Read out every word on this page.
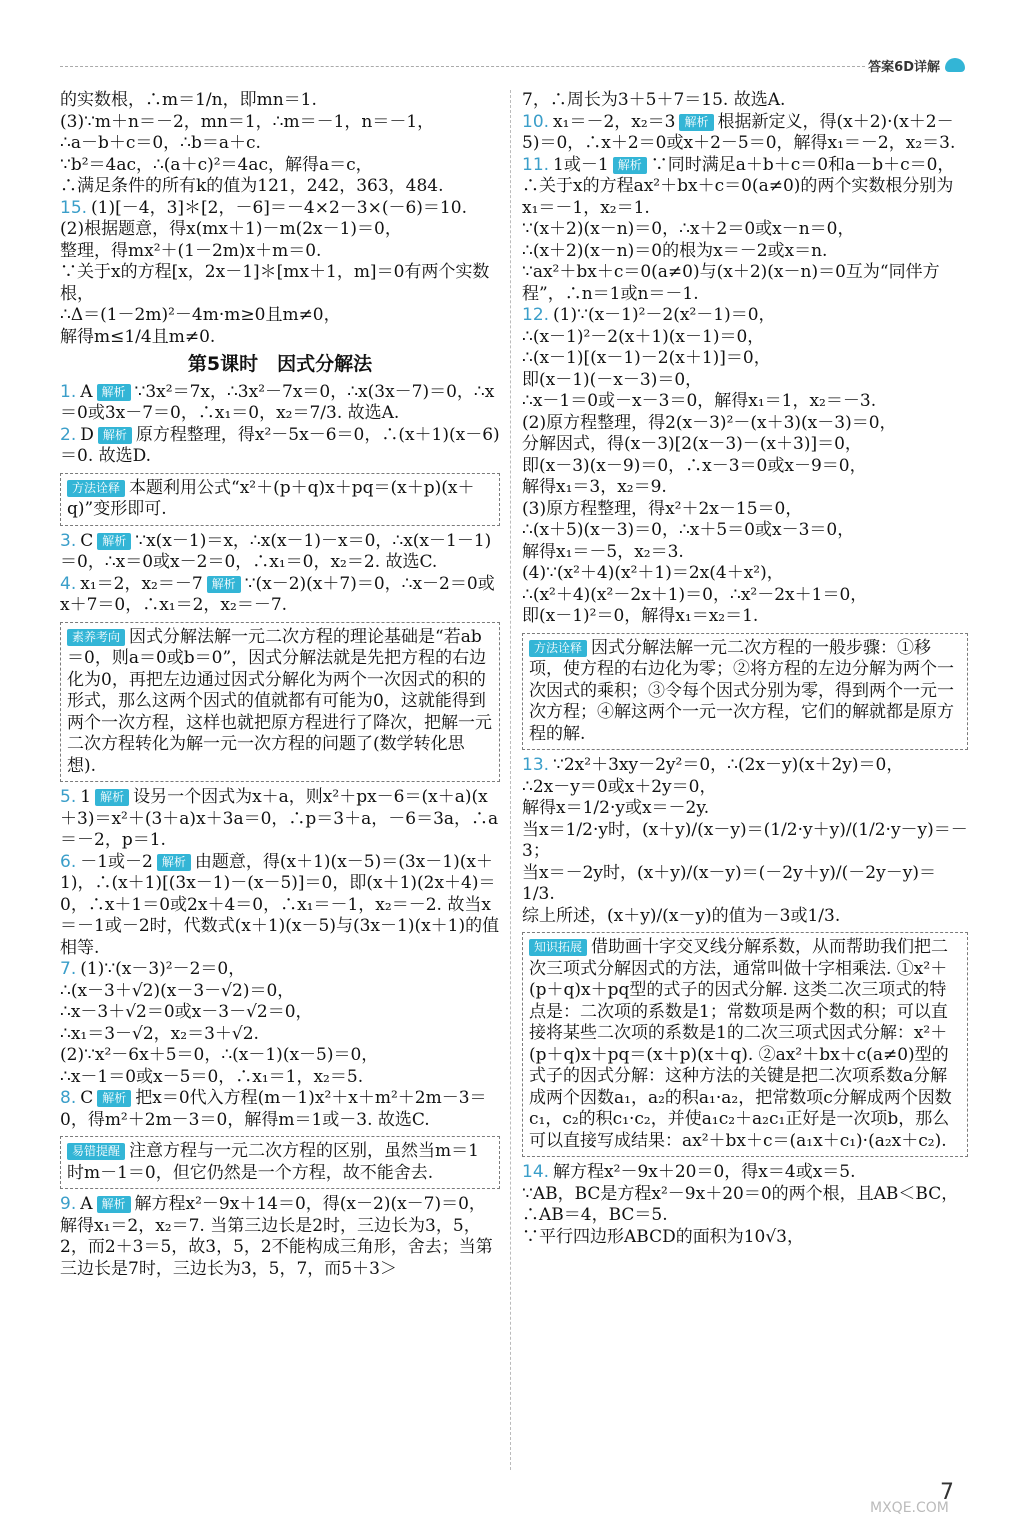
答案6D详解
的实数根，∴m＝1/n，即mn＝1.
(3)∵m＋n＝－2，mn＝1，∴m＝－1，n＝－1，
∴a－b＋c＝0，∴b＝a＋c.
∵b²＝4ac，∴(a＋c)²＝4ac，解得a＝c，
∴满足条件的所有k的值为121，242，363，484.
15. (1)[－4，3]＊[2，－6]＝－4×2－3×(－6)＝10.
(2)根据题意，得x(mx＋1)－m(2x－1)＝0，
整理，得mx²＋(1－2m)x＋m＝0.
∵关于x的方程[x，2x－1]＊[mx＋1，m]＝0有两个实数根，
∴Δ＝(1－2m)²－4m·m≥0且m≠0，
解得m≤1/4且m≠0.
第5课时　因式分解法
1. A 解析 ∵3x²＝7x，∴3x²－7x＝0，∴x(3x－7)＝0，∴x＝0或3x－7＝0，∴x₁＝0，x₂＝7/3. 故选A.
2. D 解析 原方程整理，得x²－5x－6＝0，∴(x＋1)(x－6)＝0. 故选D.
方法诠释 本题利用公式“x²＋(p＋q)x＋pq＝(x＋p)(x＋q)”变形即可.
3. C 解析 ∵x(x－1)＝x，∴x(x－1)－x＝0，∴x(x－1－1)＝0，∴x＝0或x－2＝0，∴x₁＝0，x₂＝2. 故选C.
4. x₁＝2，x₂＝－7 解析 ∵(x－2)(x＋7)＝0，∴x－2＝0或x＋7＝0，∴x₁＝2，x₂＝－7.
素养考向 因式分解法解一元二次方程的理论基础是“若ab＝0，则a＝0或b＝0”，因式分解法就是先把方程的右边化为0，再把左边通过因式分解化为两个一次因式的积的形式，那么这两个因式的值就都有可能为0，这就能得到两个一次方程，这样也就把原方程进行了降次，把解一元二次方程转化为解一元一次方程的问题了(数学转化思想).
5. 1 解析 设另一个因式为x＋a，则x²＋px－6＝(x＋a)(x＋3)＝x²＋(3＋a)x＋3a＝0，∴p＝3＋a，－6＝3a，∴a＝－2，p＝1.
6. －1或－2 解析 由题意，得(x＋1)(x－5)＝(3x－1)(x＋1)，∴(x＋1)[(3x－1)－(x－5)]＝0，即(x＋1)(2x＋4)＝0，∴x＋1＝0或2x＋4＝0，∴x₁＝－1，x₂＝－2. 故当x＝－1或－2时，代数式(x＋1)(x－5)与(3x－1)(x＋1)的值相等.
7. (1)∵(x－3)²－2＝0，
∴(x－3＋√2)(x－3－√2)＝0，
∴x－3＋√2＝0或x－3－√2＝0，
∴x₁＝3－√2，x₂＝3＋√2.
(2)∵x²－6x＋5＝0，∴(x－1)(x－5)＝0，
∴x－1＝0或x－5＝0，∴x₁＝1，x₂＝5.
8. C 解析 把x＝0代入方程(m－1)x²＋x＋m²＋2m－3＝0，得m²＋2m－3＝0，解得m＝1或－3. 故选C.
易错提醒 注意方程与一元二次方程的区别，虽然当m＝1时m－1＝0，但它仍然是一个方程，故不能舍去.
9. A 解析 解方程x²－9x＋14＝0，得(x－2)(x－7)＝0，解得x₁＝2，x₂＝7. 当第三边长是2时，三边长为3，5，2，而2＋3＝5，故3，5，2不能构成三角形，舍去；当第三边长是7时，三边长为3，5，7，而5＋3＞
7，∴周长为3＋5＋7＝15. 故选A.
10. x₁＝－2，x₂＝3 解析 根据新定义，得(x＋2)·(x＋2－5)＝0，∴x＋2＝0或x＋2－5＝0，解得x₁＝－2，x₂＝3.
11. 1或－1 解析 ∵同时满足a＋b＋c＝0和a－b＋c＝0，∴关于x的方程ax²＋bx＋c＝0(a≠0)的两个实数根分别为x₁＝－1，x₂＝1.
∵(x＋2)(x－n)＝0，∴x＋2＝0或x－n＝0，
∴(x＋2)(x－n)＝0的根为x＝－2或x＝n.
∵ax²＋bx＋c＝0(a≠0)与(x＋2)(x－n)＝0互为“同伴方程”，∴n＝1或n＝－1.
12. (1)∵(x－1)²－2(x²－1)＝0，
∴(x－1)²－2(x＋1)(x－1)＝0，
∴(x－1)[(x－1)－2(x＋1)]＝0，
即(x－1)(－x－3)＝0，
∴x－1＝0或－x－3＝0，解得x₁＝1，x₂＝－3.
(2)原方程整理，得2(x－3)²－(x＋3)(x－3)＝0，
分解因式，得(x－3)[2(x－3)－(x＋3)]＝0，
即(x－3)(x－9)＝0，∴x－3＝0或x－9＝0，
解得x₁＝3，x₂＝9.
(3)原方程整理，得x²＋2x－15＝0，
∴(x＋5)(x－3)＝0，∴x＋5＝0或x－3＝0，
解得x₁＝－5，x₂＝3.
(4)∵(x²＋4)(x²＋1)＝2x(4＋x²)，
∴(x²＋4)(x²－2x＋1)＝0，∴x²－2x＋1＝0，
即(x－1)²＝0，解得x₁＝x₂＝1.
方法诠释 因式分解法解一元二次方程的一般步骤：①移项，使方程的右边化为零；②将方程的左边分解为两个一次因式的乘积；③令每个因式分别为零，得到两个一元一次方程；④解这两个一元一次方程，它们的解就都是原方程的解.
13. ∵2x²＋3xy－2y²＝0，∴(2x－y)(x＋2y)＝0，
∴2x－y＝0或x＋2y＝0，
解得x＝1/2·y或x＝－2y.
当x＝1/2·y时，(x＋y)/(x－y)＝(1/2·y＋y)/(1/2·y－y)＝－3；
当x＝－2y时，(x＋y)/(x－y)＝(－2y＋y)/(－2y－y)＝1/3.
综上所述，(x＋y)/(x－y)的值为－3或1/3.
知识拓展 借助画十字交叉线分解系数，从而帮助我们把二次三项式分解因式的方法，通常叫做十字相乘法. ①x²＋(p＋q)x＋pq型的式子的因式分解. 这类二次三项式的特点是：二次项的系数是1；常数项是两个数的积；可以直接将某些二次项的系数是1的二次三项式因式分解：x²＋(p＋q)x＋pq＝(x＋p)(x＋q). ②ax²＋bx＋c(a≠0)型的式子的因式分解：这种方法的关键是把二次项系数a分解成两个因数a₁，a₂的积a₁·a₂，把常数项c分解成两个因数c₁，c₂的积c₁·c₂，并使a₁c₂＋a₂c₁正好是一次项b，那么可以直接写成结果：ax²＋bx＋c＝(a₁x＋c₁)·(a₂x＋c₂).
14. 解方程x²－9x＋20＝0，得x＝4或x＝5.
∵AB，BC是方程x²－9x＋20＝0的两个根，且AB＜BC，∴AB＝4，BC＝5.
∵平行四边形ABCD的面积为10√3，
7
MXQE.COM
